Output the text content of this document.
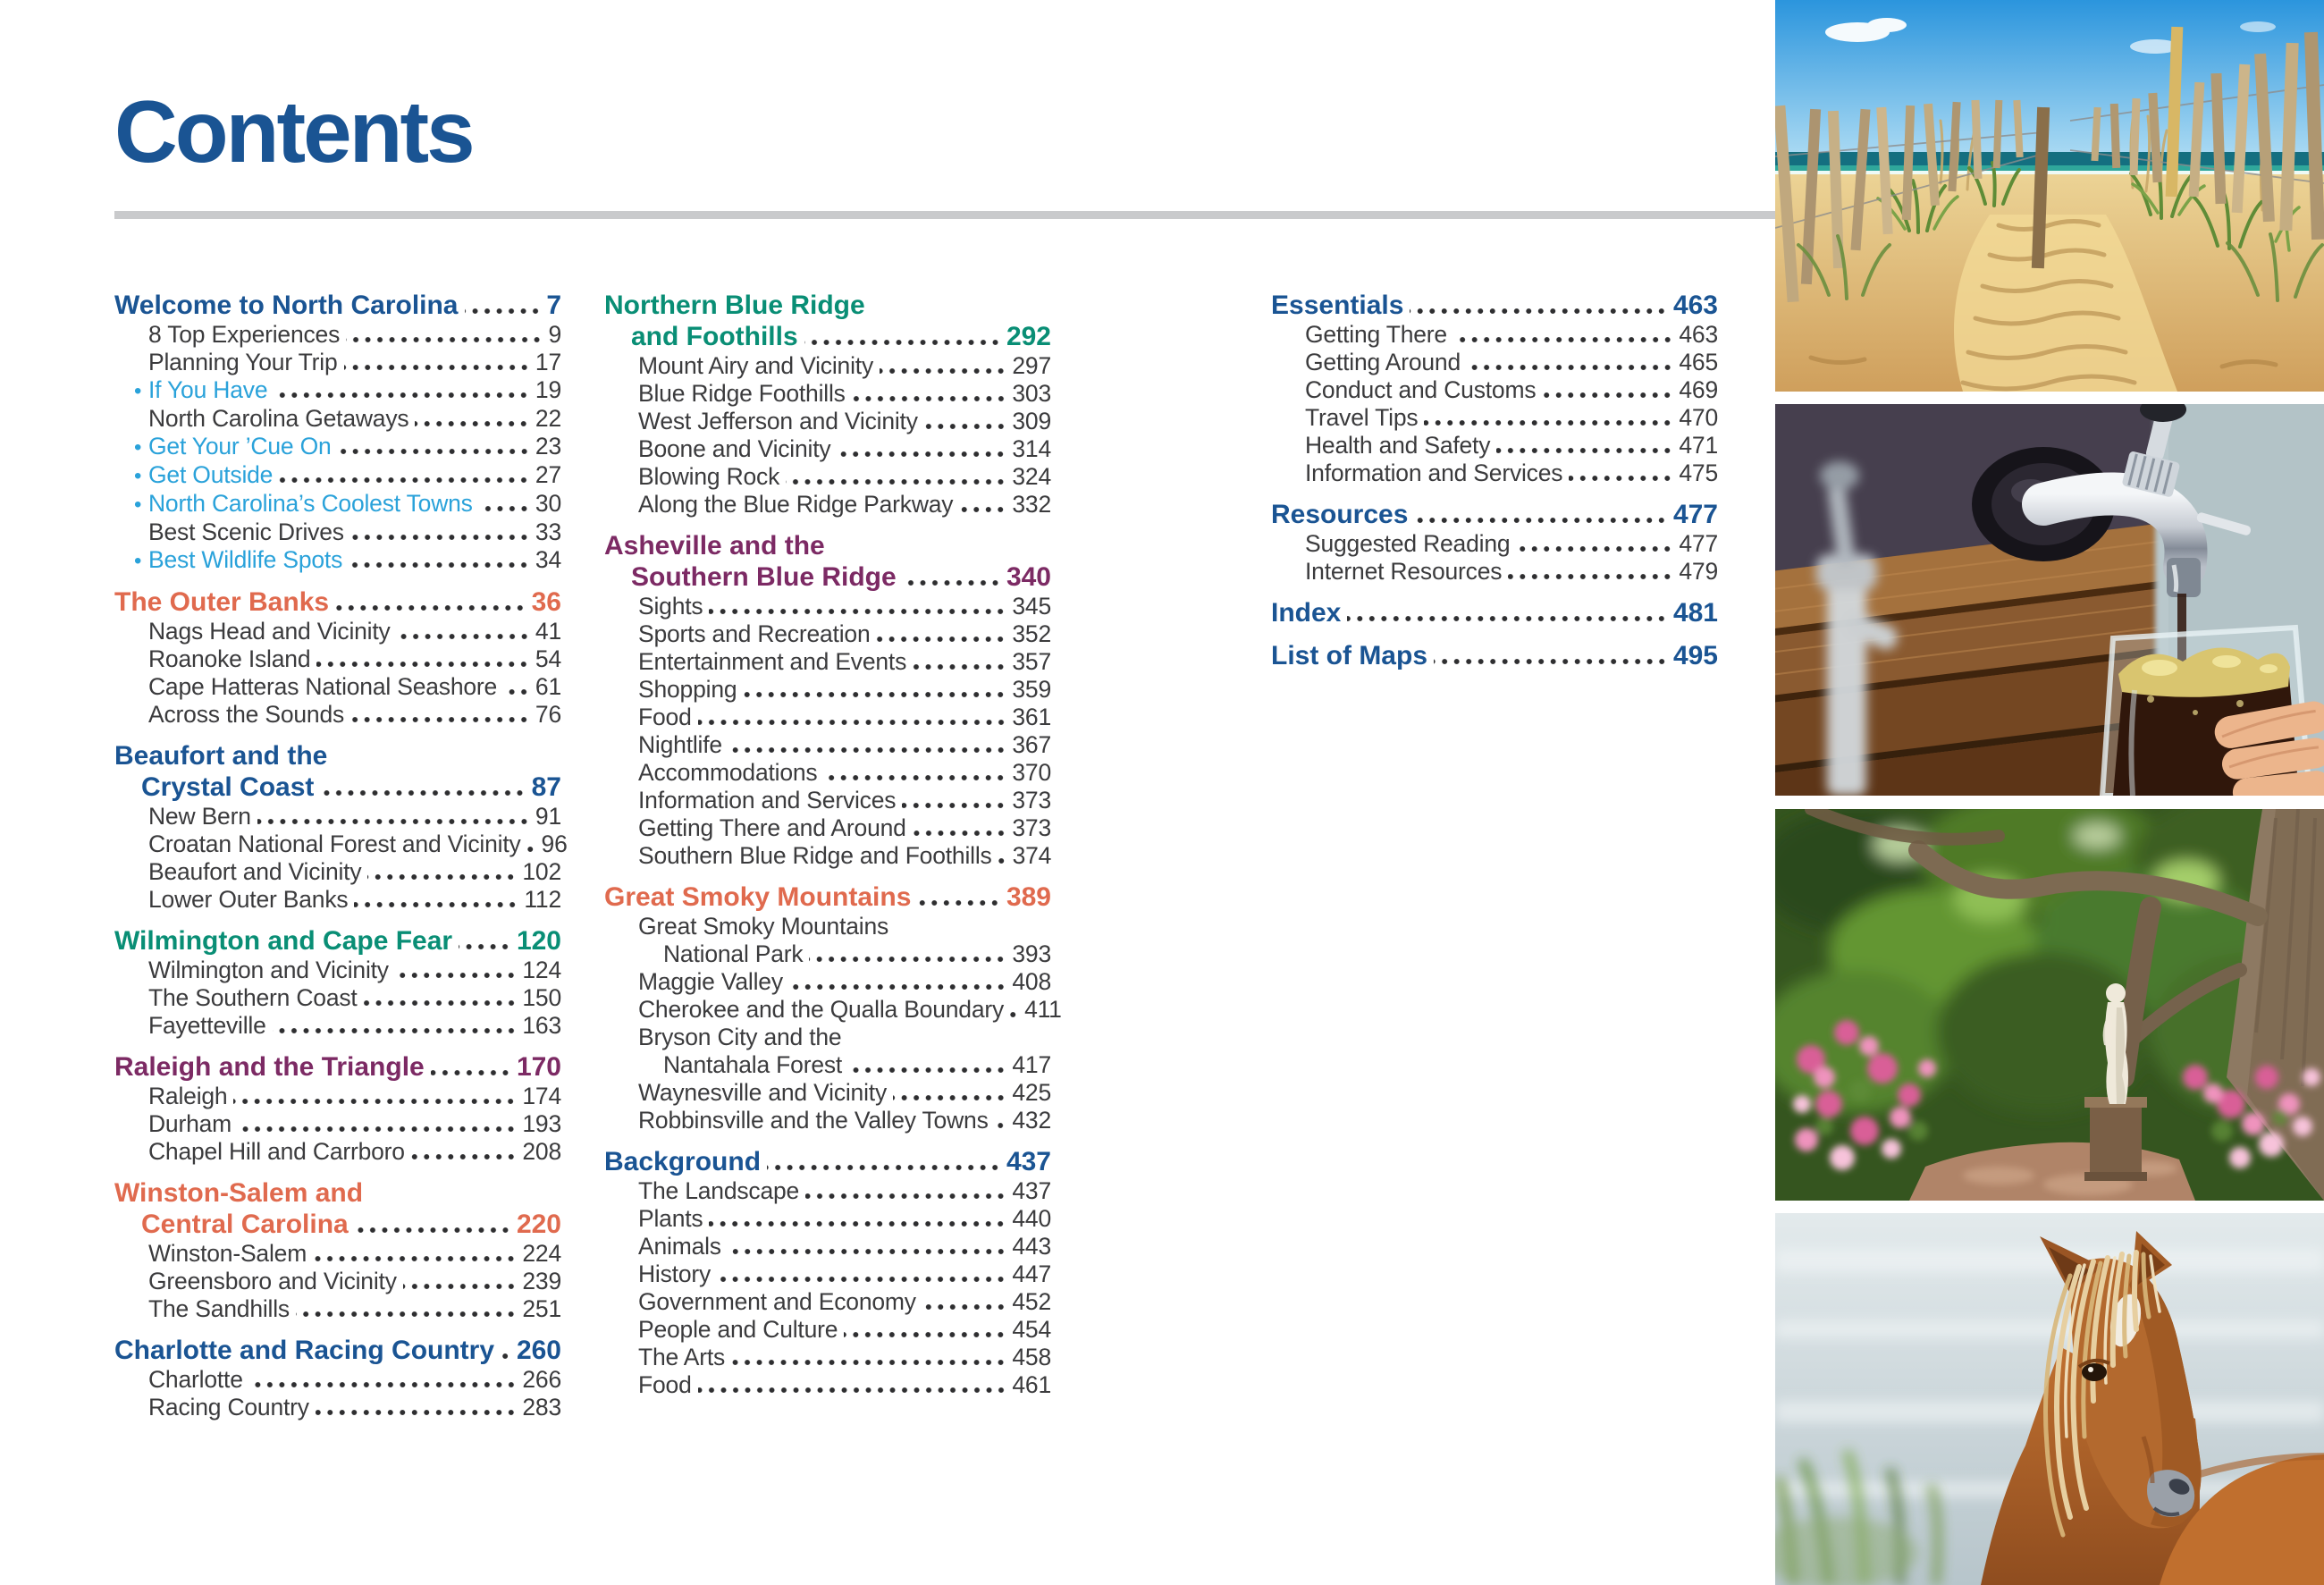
Contents
Welcome to North Carolina	7
8 Top Experiences	9
Planning Your Trip	17
• If You Have	19
North Carolina Getaways	22
• Get Your ’Cue On	23
• Get Outside	27
• North Carolina’s Coolest Towns	30
Best Scenic Drives	33
• Best Wildlife Spots	34
The Outer Banks	36
Nags Head and Vicinity	41
Roanoke Island	54
Cape Hatteras National Seashore 61
Across the Sounds	76
Beaufort and the
Crystal Coast	87
New Bern	91
Croatan National Forest and Vicinity 96
Beaufort and Vicinity	102
Lower Outer Banks	112
Wilmington and Cape Fear 120
Wilmington and Vicinity	124
The Southern Coast	150
Fayetteville	163
Raleigh and the Triangle	170
Raleigh	174
Durham	193
Chapel Hill and Carrboro	208
Winston-Salem and
Central Carolina	220
Winston-Salem	224
Greensboro and Vicinity	239
The Sandhills	251
Charlotte and Racing Country 260
Charlotte	266
Racing Country	283
Northern Blue Ridge
and Foothills	292
Mount Airy and Vicinity	297
Blue Ridge Foothills	303
West Jefferson and Vicinity	309
Boone and Vicinity	314
Blowing Rock	324
Along the Blue Ridge Parkway 332
Asheville and the
Southern Blue Ridge	340
Sights	345
Sports and Recreation	352
Entertainment and Events	357
Shopping	359
Food	361
Nightlife	367
Accommodations	370
Information and Services	373
Getting There and Around	373
Southern Blue Ridge and Foothills 374
Great Smoky Mountains	389
Great Smoky Mountains
National Park	393
Maggie Valley	408
Cherokee and the Qualla Boundary 411
Bryson City and the
Nantahala Forest	417
Waynesville and Vicinity	425
Robbinsville and the Valley Towns 432
Background	437
The Landscape	437
Plants	440
Animals	443
History	447
Government and Economy	452
People and Culture	454
The Arts	458
Food	461
Essentials	463
Getting There	463
Getting Around	465
Conduct and Customs	469
Travel Tips	470
Health and Safety	471
Information and Services	475
Resources	477
Suggested Reading	477
Internet Resources	479
Index	481
List of Maps	495
